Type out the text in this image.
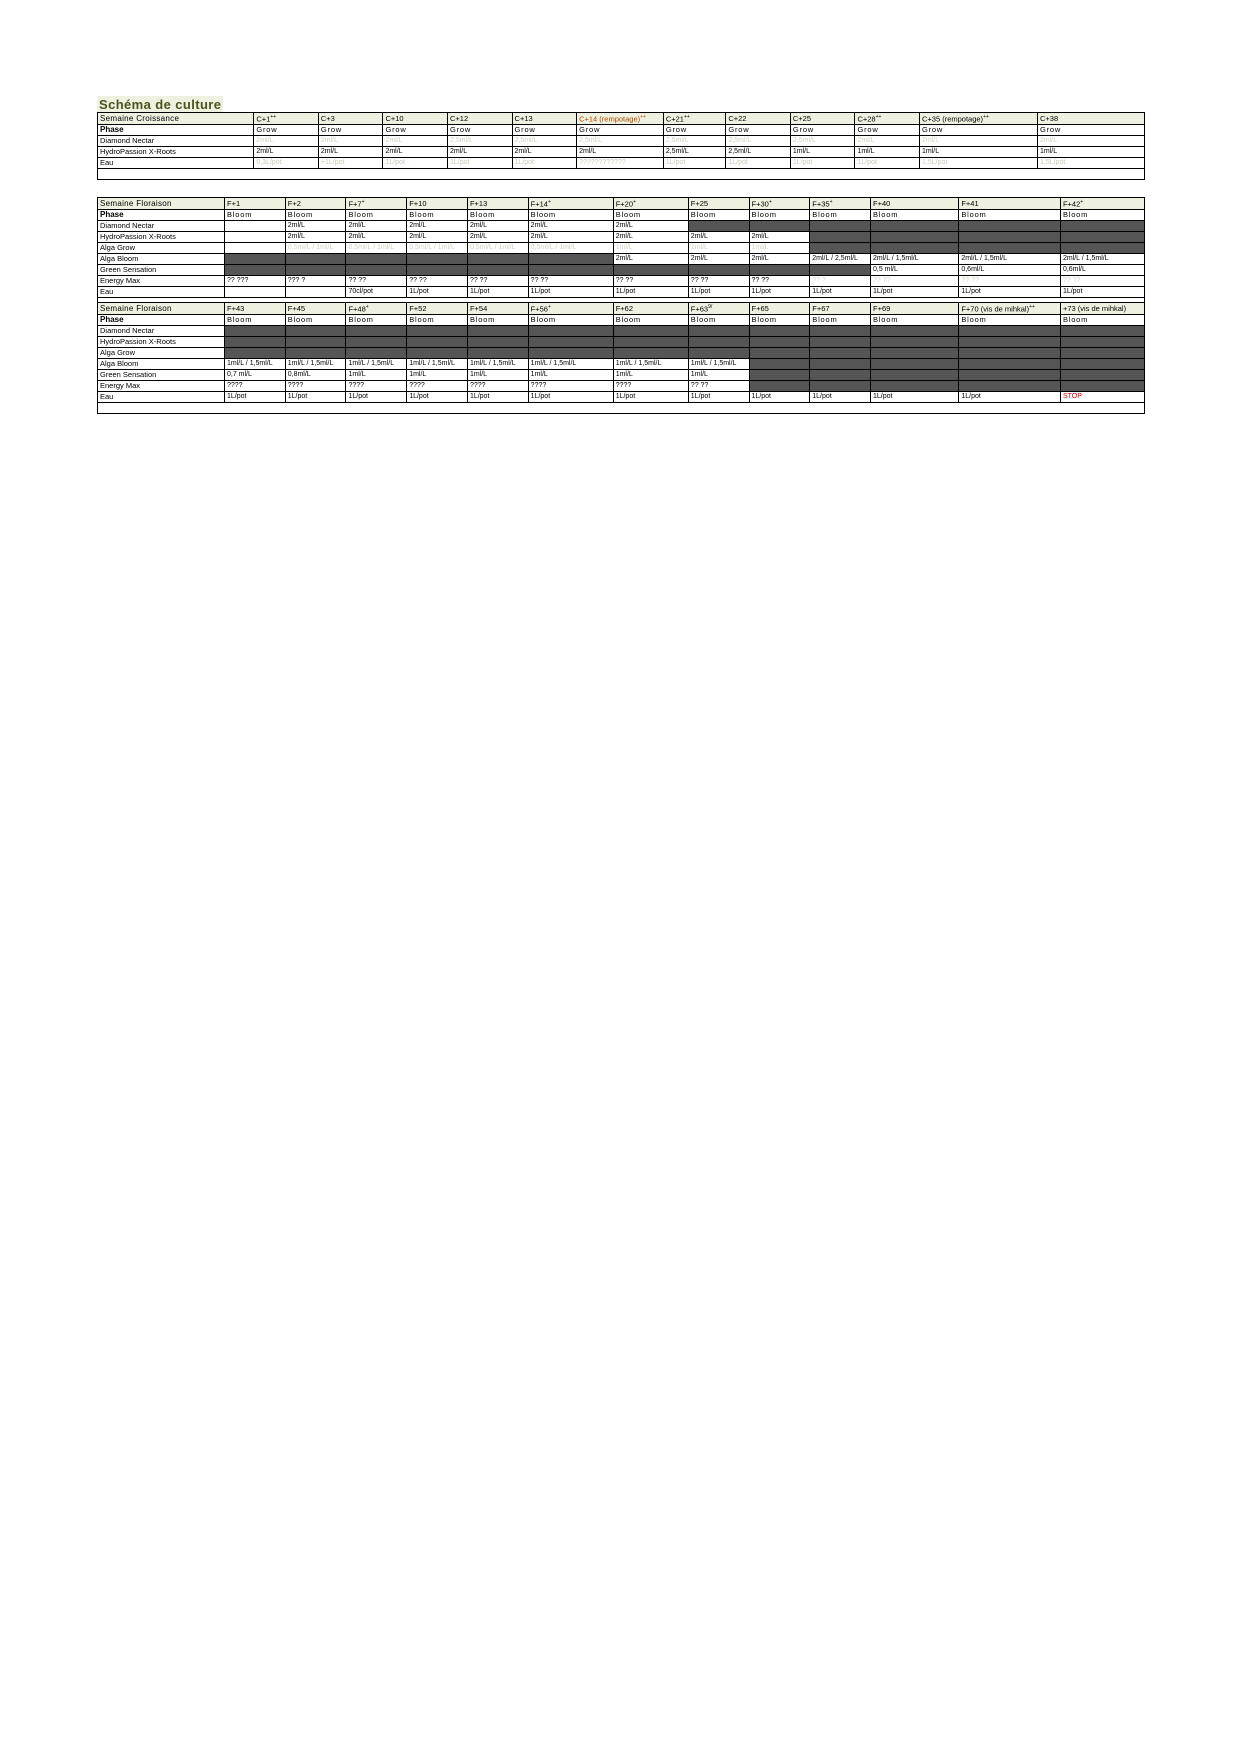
Schéma de culture
Semaine Croissance	C+1++	C+3	C+10	C+12	C+13	C+14 (rempotage)++	C+21++	C+22	C+25	C+28++	C+35 (rempotage)++	C+38
Phase	Grow	Grow	Grow	Grow	Grow	Grow	Grow	Grow	Grow	Grow	Grow	Grow
Diamond Nectar	2ml/L	2ml/L	2ml/L	2,5ml/L	2,5ml/L	2,5ml/L	2,5ml/L	2,5ml/L	2,5ml/L	2ml/L	2ml/L	2ml/L
HydroPassion X-Roots	2ml/L	2ml/L	2ml/L	2ml/L	2ml/L	2ml/L	2,5ml/L	2,5ml/L	1ml/L	1ml/L	1ml/L	1ml/L
Eau	0,3L/pot	+1L/pot	1L/pot	1L/pot	1L/pot	????????????	1L/pot	1L/pot	1L/pot	1L/pot	1,5L/pot	1,5L/pot

Semaine Floraison	F+1	F+2	F+7+	F+10	F+13	F+14+	F+20+	F+25	F+30+	F+35+	F+40	F+41	F+42+
Phase	Bloom	Bloom	Bloom	Bloom	Bloom	Bloom	Bloom	Bloom	Bloom	Bloom	Bloom	Bloom	Bloom
Diamond Nectar		2ml/L	2ml/L	2ml/L	2ml/L	2ml/L	2ml/L						
HydroPassion X-Roots		2ml/L	2ml/L	2ml/L	2ml/L	2ml/L	2ml/L	2ml/L	2ml/L				
Alga Grow		0,5ml/L / 1ml/L	0,5ml/L / 1ml/L	0,5ml/L / 1ml/L	0,5ml/L / 1ml/L	0,5ml/L / 1ml/L	1ml/L	1ml/L	1ml/L				
Alga Bloom							2ml/L	2ml/L	2ml/L	2ml/L / 2,5ml/L	2ml/L / 1,5ml/L	2ml/L / 1,5ml/L	2ml/L / 1,5ml/L
Green Sensation											0,5 ml/L	0,6ml/L	0,6ml/L
Energy Max	?? ???	??? ?	?? ??	?? ??	?? ??	?? ??	?? ??	?? ??	?? ??	?? ?	?? ??	?? ??	?? ??
Eau			70cl/pot	1L/pot	1L/pot	1L/pot	1L/pot	1L/pot	1L/pot	1L/pot	1L/pot	1L/pot	1L/pot

Semaine Floraison	F+43	F+45	F+48+	F+52	F+54	F+56+	F+62	$F+63^{9/}$	F+65	F+67	F+69	F+70 (vis de mihkal)++	+73 (vis de mihkal)
Phase	Bloom	Bloom	Bloom	Bloom	Bloom	Bloom	Bloom	Bloom	Bloom	Bloom	Bloom	Bloom	Bloom
Diamond Nectar													
HydroPassion X-Roots													
Alga Grow													
Alga Bloom	1ml/L / 1,5ml/L	1ml/L / 1,5ml/L	1ml/L / 1,5ml/L	1ml/L / 1,5ml/L	1ml/L / 1,5ml/L	1ml/L / 1,5ml/L	1ml/L / 1,5ml/L	1ml/L / 1,5ml/L					
Green Sensation	0,7 ml/L	0,8ml/L	1ml/L	1ml/L	1ml/L	1ml/L	1ml/L	1ml/L					
Energy Max	????	????	????	????	????	????	????	?? ??					
Eau	1L/pot	1L/pot	1L/pot	1L/pot	1L/pot	1L/pot	1L/pot	1L/pot	1L/pot	1L/pot	1L/pot	1L/pot	STOP
